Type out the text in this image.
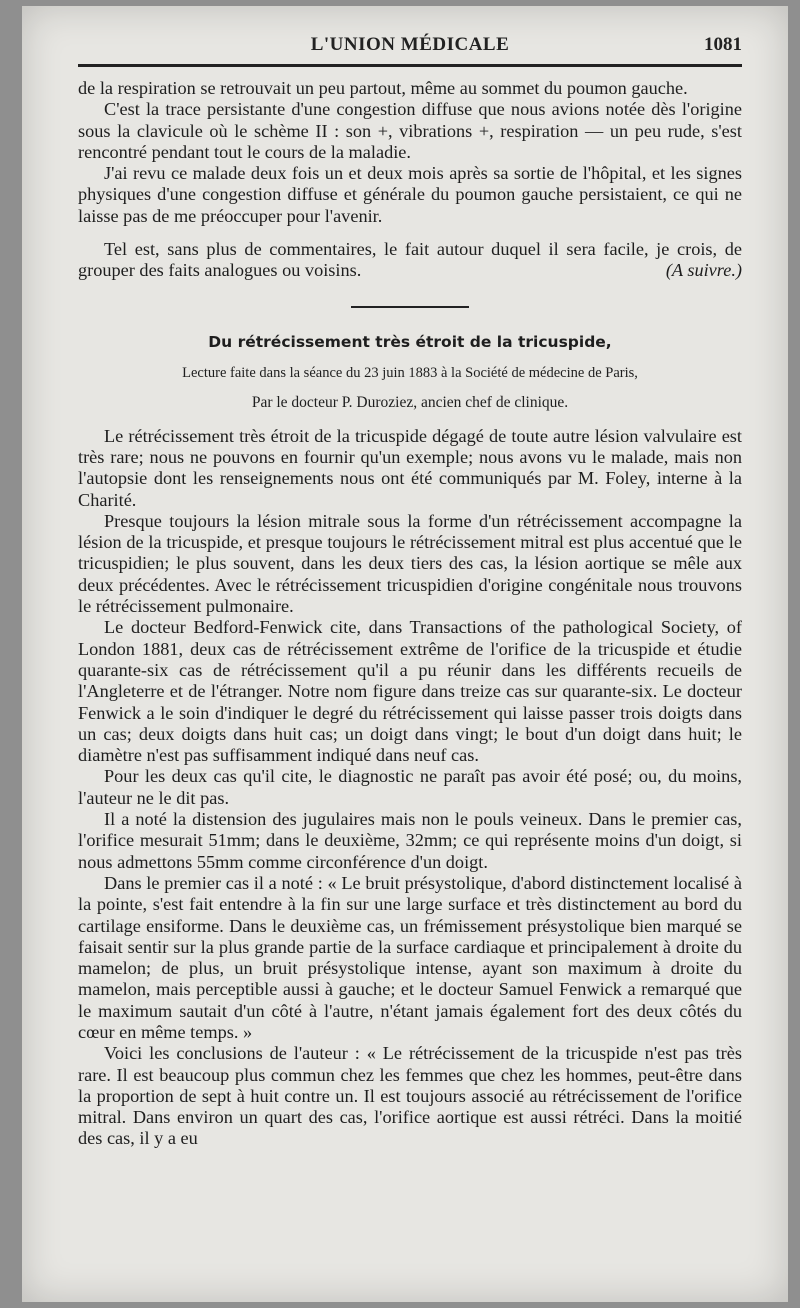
L'UNION MÉDICALE	1081

de la respiration se retrouvait un peu partout, même au sommet du poumon gauche.

C'est la trace persistante d'une congestion diffuse que nous avions notée dès l'origine sous la clavicule où le schème II : son +, vibrations +, respiration — un peu rude, s'est rencontré pendant tout le cours de la maladie.

J'ai revu ce malade deux fois un et deux mois après sa sortie de l'hôpital, et les signes physiques d'une congestion diffuse et générale du poumon gauche persistaient, ce qui ne laisse pas de me préoccuper pour l'avenir.

Tel est, sans plus de commentaires, le fait autour duquel il sera facile, je crois, de grouper des faits analogues ou voisins.	(A suivre.)

Du rétrécissement très étroit de la tricuspide,

Lecture faite dans la séance du 23 juin 1883 à la Société de médecine de Paris,

Par le docteur P. Duroziez, ancien chef de clinique.

Le rétrécissement très étroit de la tricuspide dégagé de toute autre lésion valvulaire est très rare; nous ne pouvons en fournir qu'un exemple; nous avons vu le malade, mais non l'autopsie dont les renseignements nous ont été communiqués par M. Foley, interne à la Charité.

Presque toujours la lésion mitrale sous la forme d'un rétrécissement accompagne la lésion de la tricuspide, et presque toujours le rétrécissement mitral est plus accentué que le tricuspidien; le plus souvent, dans les deux tiers des cas, la lésion aortique se mêle aux deux précédentes. Avec le rétrécissement tricuspidien d'origine congénitale nous trouvons le rétrécissement pulmonaire.

Le docteur Bedford-Fenwick cite, dans Transactions of the pathological Society, of London 1881, deux cas de rétrécissement extrême de l'orifice de la tricuspide et étudie quarante-six cas de rétrécissement qu'il a pu réunir dans les différents recueils de l'Angleterre et de l'étranger. Notre nom figure dans treize cas sur quarante-six. Le docteur Fenwick a le soin d'indiquer le degré du rétrécissement qui laisse passer trois doigts dans un cas; deux doigts dans huit cas; un doigt dans vingt; le bout d'un doigt dans huit; le diamètre n'est pas suffisamment indiqué dans neuf cas.

Pour les deux cas qu'il cite, le diagnostic ne paraît pas avoir été posé; ou, du moins, l'auteur ne le dit pas.

Il a noté la distension des jugulaires mais non le pouls veineux. Dans le premier cas, l'orifice mesurait 51mm; dans le deuxième, 32mm; ce qui représente moins d'un doigt, si nous admettons 55mm comme circonférence d'un doigt.

Dans le premier cas il a noté : « Le bruit présystolique, d'abord distinctement localisé à la pointe, s'est fait entendre à la fin sur une large surface et très distinctement au bord du cartilage ensiforme. Dans le deuxième cas, un frémissement présystolique bien marqué se faisait sentir sur la plus grande partie de la surface cardiaque et principalement à droite du mamelon; de plus, un bruit présystolique intense, ayant son maximum à droite du mamelon, mais perceptible aussi à gauche; et le docteur Samuel Fenwick a remarqué que le maximum sautait d'un côté à l'autre, n'étant jamais également fort des deux côtés du cœur en même temps. »

Voici les conclusions de l'auteur : « Le rétrécissement de la tricuspide n'est pas très rare. Il est beaucoup plus commun chez les femmes que chez les hommes, peut-être dans la proportion de sept à huit contre un. Il est toujours associé au rétrécissement de l'orifice mitral. Dans environ un quart des cas, l'orifice aortique est aussi rétréci. Dans la moitié des cas, il y a eu
